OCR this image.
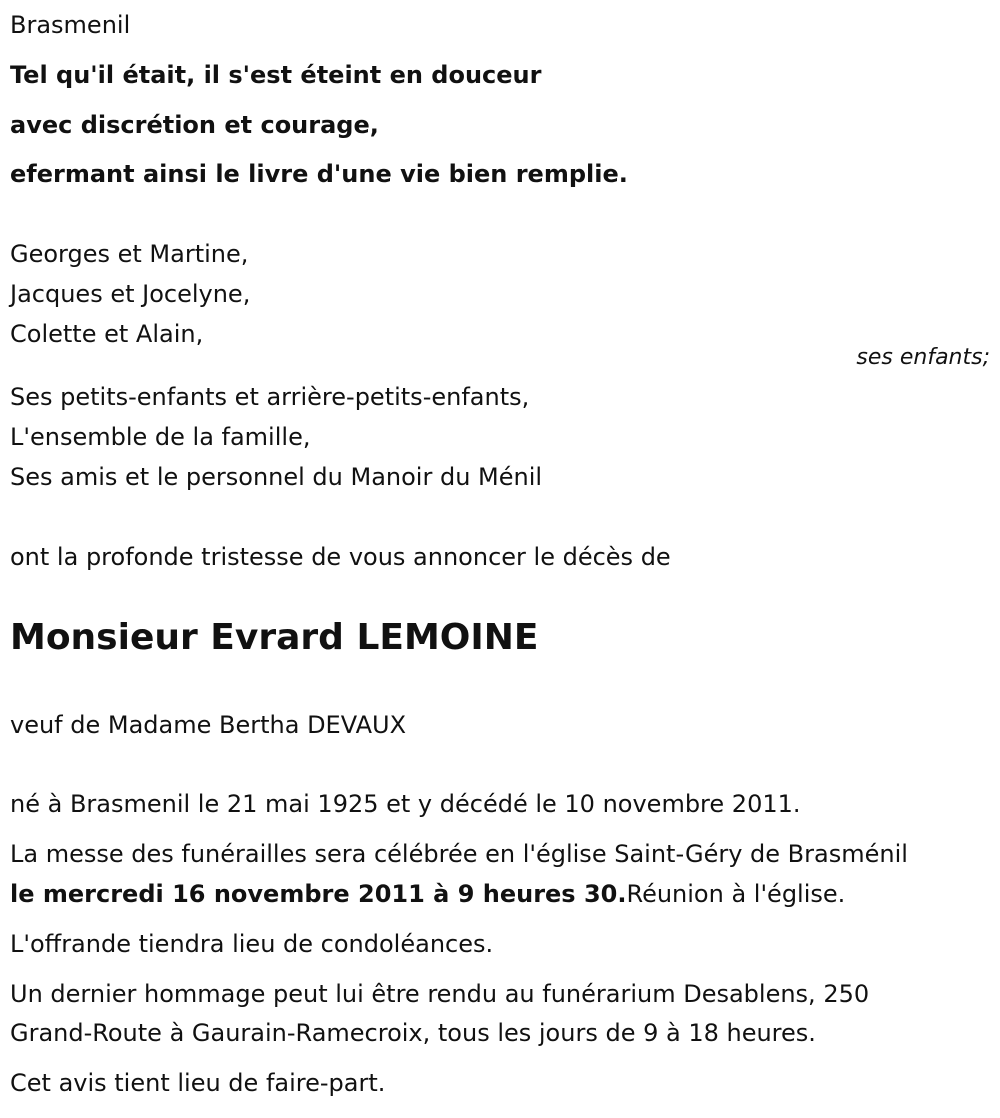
Brasmenil
Tel qu'il était, il s'est éteint en douceur
avec discrétion et courage,
efermant ainsi le livre d'une vie bien remplie.
Georges et Martine,
Jacques et Jocelyne,
Colette et Alain,
ses enfants;
Ses petits-enfants et arrière-petits-enfants,
L'ensemble de la famille,
Ses amis et le personnel du Manoir du Ménil
ont la profonde tristesse de vous annoncer le décès de
Monsieur Evrard LEMOINE
veuf de Madame Bertha DEVAUX
né à Brasmenil le 21 mai 1925 et y décédé le 10 novembre 2011.
La messe des funérailles sera célébrée en l'église Saint-Géry de Brasménil
le mercredi 16 novembre 2011 à 9 heures 30.Réunion à l'église.
L'offrande tiendra lieu de condoléances.
Un dernier hommage peut lui être rendu au funérarium Desablens, 250
Grand-Route à Gaurain-Ramecroix, tous les jours de 9 à 18 heures.
Cet avis tient lieu de faire-part.
